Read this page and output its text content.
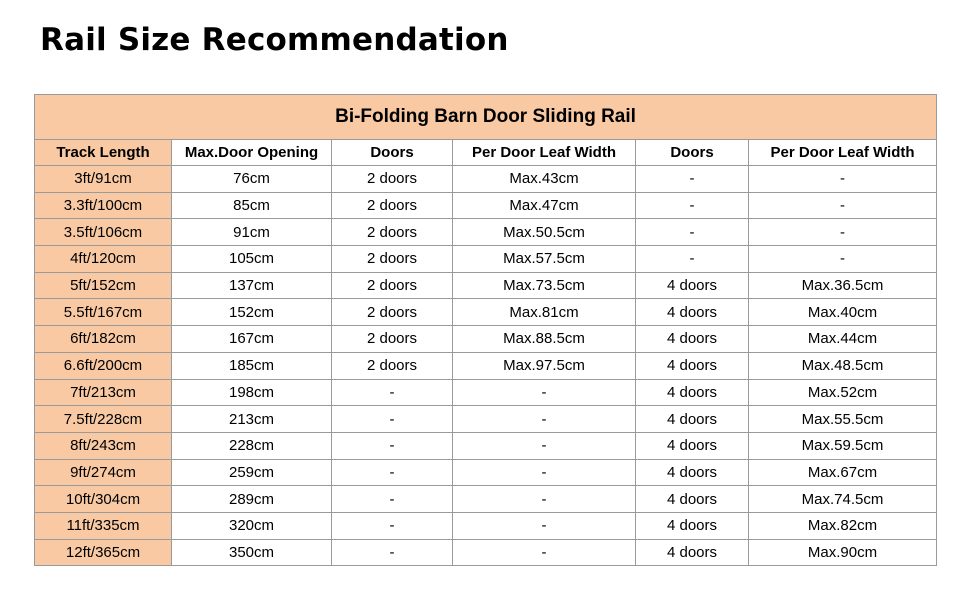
Rail Size Recommendation
Bi-Folding Barn Door Sliding Rail					
Track Length	Max.Door Opening	Doors	Per Door Leaf Width	Doors	Per Door Leaf Width
3ft/91cm	76cm	2 doors	Max.43cm	-	-
3.3ft/100cm	85cm	2 doors	Max.47cm	-	-
3.5ft/106cm	91cm	2 doors	Max.50.5cm	-	-
4ft/120cm	105cm	2 doors	Max.57.5cm	-	-
5ft/152cm	137cm	2 doors	Max.73.5cm	4 doors	Max.36.5cm
5.5ft/167cm	152cm	2 doors	Max.81cm	4 doors	Max.40cm
6ft/182cm	167cm	2 doors	Max.88.5cm	4 doors	Max.44cm
6.6ft/200cm	185cm	2 doors	Max.97.5cm	4 doors	Max.48.5cm
7ft/213cm	198cm	-	-	4 doors	Max.52cm
7.5ft/228cm	213cm	-	-	4 doors	Max.55.5cm
8ft/243cm	228cm	-	-	4 doors	Max.59.5cm
9ft/274cm	259cm	-	-	4 doors	Max.67cm
10ft/304cm	289cm	-	-	4 doors	Max.74.5cm
11ft/335cm	320cm	-	-	4 doors	Max.82cm
12ft/365cm	350cm	-	-	4 doors	Max.90cm
